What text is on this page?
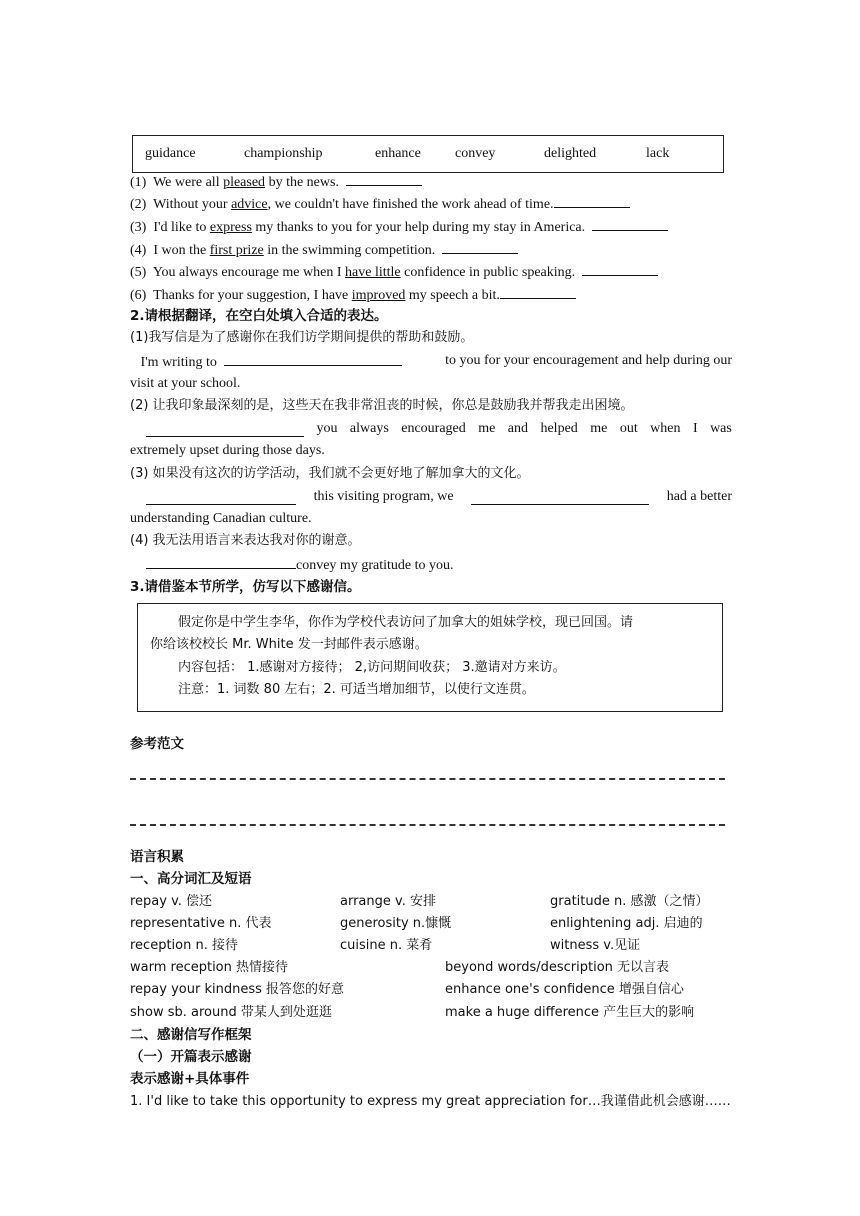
guidance	championship	enhance convey	delighted	lack
(1) We were all pleased by the news.
(2) Without your advice, we couldn't have finished the work ahead of time.
(3) I'd like to express my thanks to you for your help during my stay in America.
(4) I won the first prize in the swimming competition.
(5) You always encourage me when I have little confidence in public speaking.
(6) Thanks for your suggestion, I have improved my speech a bit.
2.请根据翻译，在空白处填入合适的表达。
(1)我写信是为了感谢你在我们访学期间提供的帮助和鼓励。
I'm writing to	to you for your encouragement and help during our
visit at your school.
(2) 让我印象最深刻的是，这些天在我非常沮丧的时候，你总是鼓励我并帮我走出困境。
you always encouraged me and helped me out when I was
extremely upset during those days.
(3) 如果没有这次的访学活动，我们就不会更好地了解加拿大的文化。
this visiting program, we	had a better
understanding Canadian culture.
(4) 我无法用语言来表达我对你的谢意。
convey my gratitude to you.
3.请借鉴本节所学，仿写以下感谢信。
假定你是中学生李华，你作为学校代表访问了加拿大的姐妹学校，现已回国。请
你给该校校长 Mr. White 发一封邮件表示感谢。
内容包括： 1.感谢对方接待； 2,访问期间收获； 3.邀请对方来访。
注意：1. 词数 80 左右；2. 可适当增加细节，以使行文连贯。
参考范文
语言积累
一、高分词汇及短语
repay v. 偿还	arrange v. 安排	gratitude n. 感激（之情）
representative n. 代表	generosity n.慷慨	enlightening adj. 启迪的
reception n. 接待	cuisine n. 菜肴	witness v.见证
warm reception 热情接待	beyond words/description 无以言表
repay your kindness 报答您的好意	enhance one's confidence 增强自信心
show sb. around 带某人到处逛逛	make a huge difference 产生巨大的影响
二、感谢信写作框架
（一）开篇表示感谢
表示感谢+具体事件
1. I'd like to take this opportunity to express my great appreciation for…我谨借此机会感谢……
